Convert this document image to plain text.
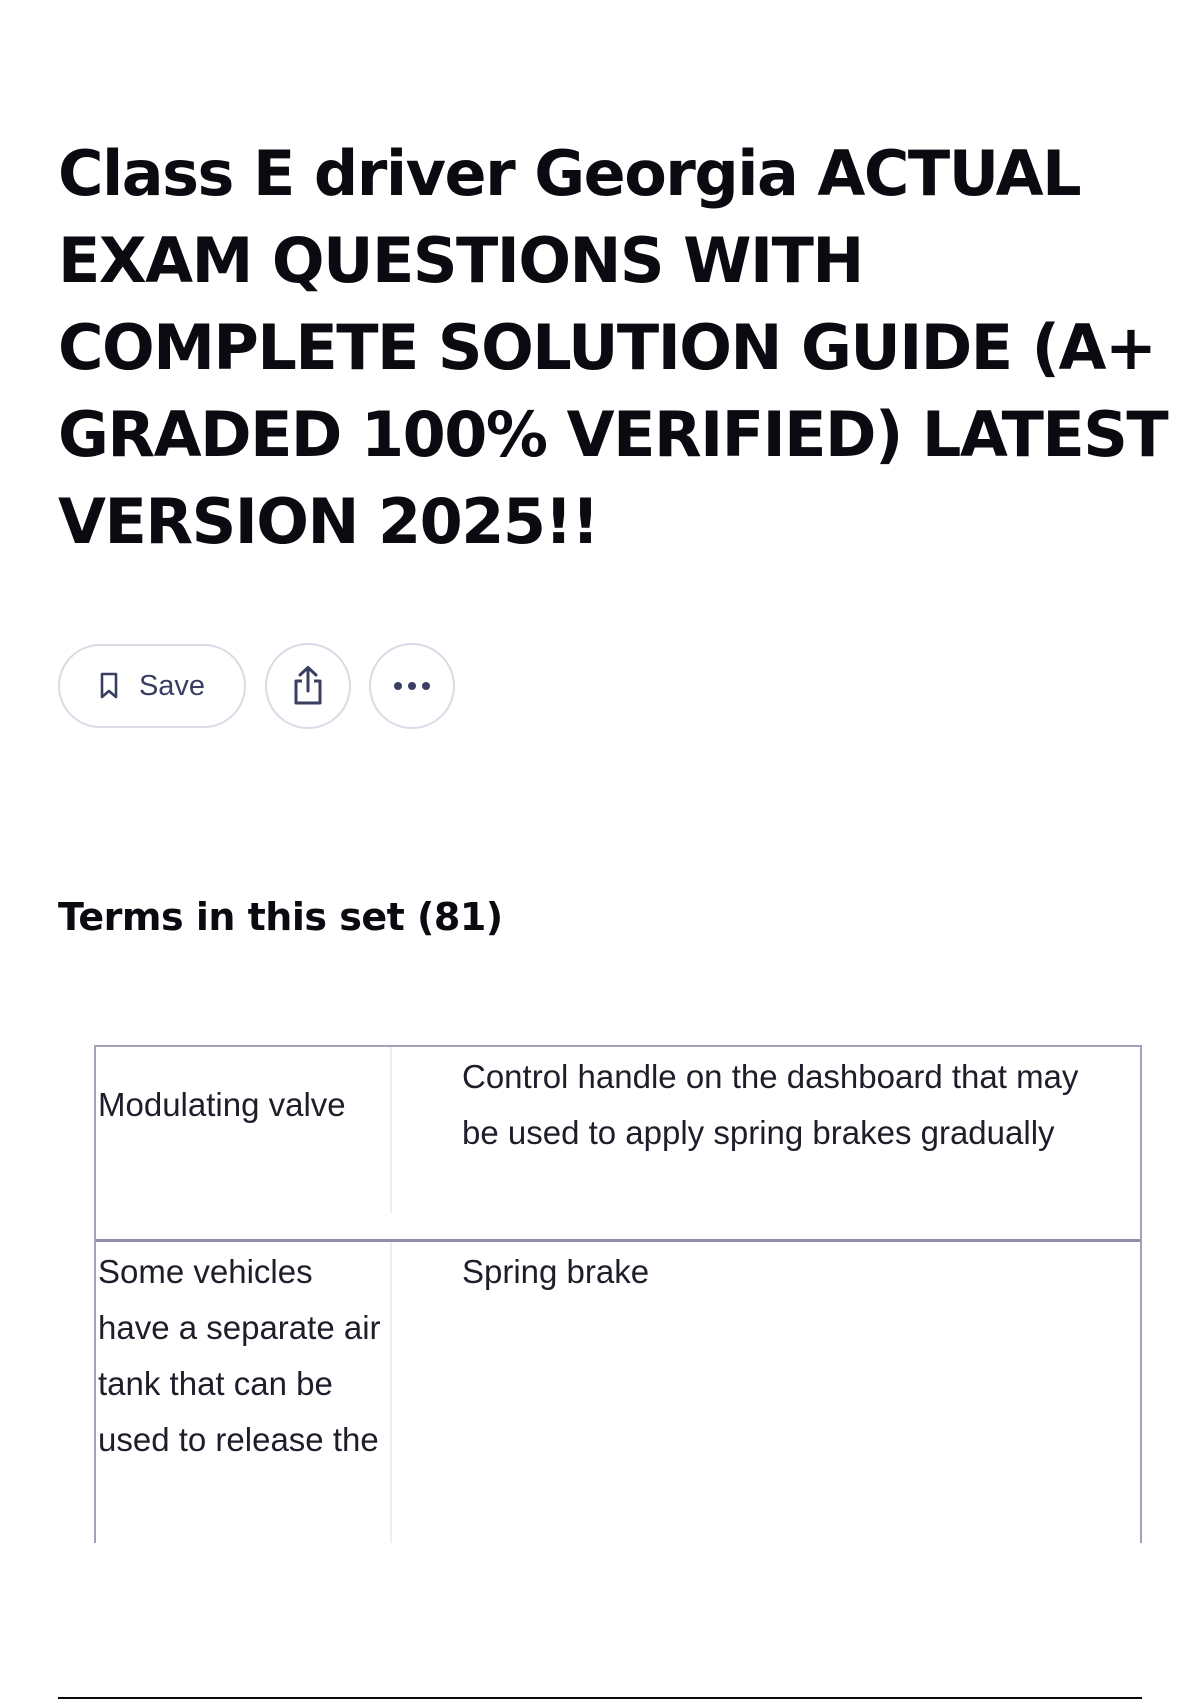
Class E driver Georgia ACTUAL EXAM QUESTIONS WITH COMPLETE SOLUTION GUIDE (A+ GRADED 100% VERIFIED) LATEST VERSION 2025!!
Save
Terms in this set (81)
Modulating valve
Control handle on the dashboard that may be used to apply spring brakes gradually
Some vehicles have a separate air tank that can be used to release the
Spring brake
